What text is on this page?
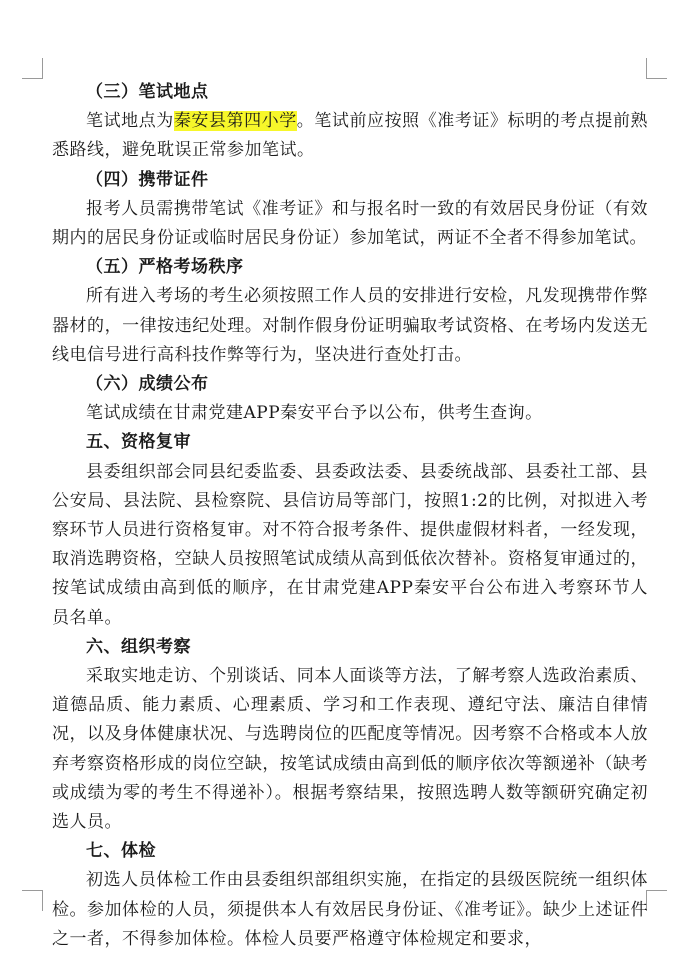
（三）笔试地点

笔试地点为秦安县第四小学。笔试前应按照《准考证》标明的考点提前熟悉路线，避免耽误正常参加笔试。

（四）携带证件

报考人员需携带笔试《准考证》和与报名时一致的有效居民身份证（有效期内的居民身份证或临时居民身份证）参加笔试，两证不全者不得参加笔试。

（五）严格考场秩序

所有进入考场的考生必须按照工作人员的安排进行安检，凡发现携带作弊器材的，一律按违纪处理。对制作假身份证明骗取考试资格、在考场内发送无线电信号进行高科技作弊等行为，坚决进行查处打击。

（六）成绩公布

笔试成绩在甘肃党建APP秦安平台予以公布，供考生查询。

五、资格复审

县委组织部会同县纪委监委、县委政法委、县委统战部、县委社工部、县公安局、县法院、县检察院、县信访局等部门，按照1:2的比例，对拟进入考察环节人员进行资格复审。对不符合报考条件、提供虚假材料者，一经发现，取消选聘资格，空缺人员按照笔试成绩从高到低依次替补。资格复审通过的，按笔试成绩由高到低的顺序，在甘肃党建APP秦安平台公布进入考察环节人员名单。

六、组织考察

采取实地走访、个别谈话、同本人面谈等方法，了解考察人选政治素质、道德品质、能力素质、心理素质、学习和工作表现、遵纪守法、廉洁自律情况，以及身体健康状况、与选聘岗位的匹配度等情况。因考察不合格或本人放弃考察资格形成的岗位空缺，按笔试成绩由高到低的顺序依次等额递补（缺考或成绩为零的考生不得递补）。根据考察结果，按照选聘人数等额研究确定初选人员。

七、体检

初选人员体检工作由县委组织部组织实施，在指定的县级医院统一组织体检。参加体检的人员，须提供本人有效居民身份证、《准考证》。缺少上述证件之一者，不得参加体检。体检人员要严格遵守体检规定和要求，
